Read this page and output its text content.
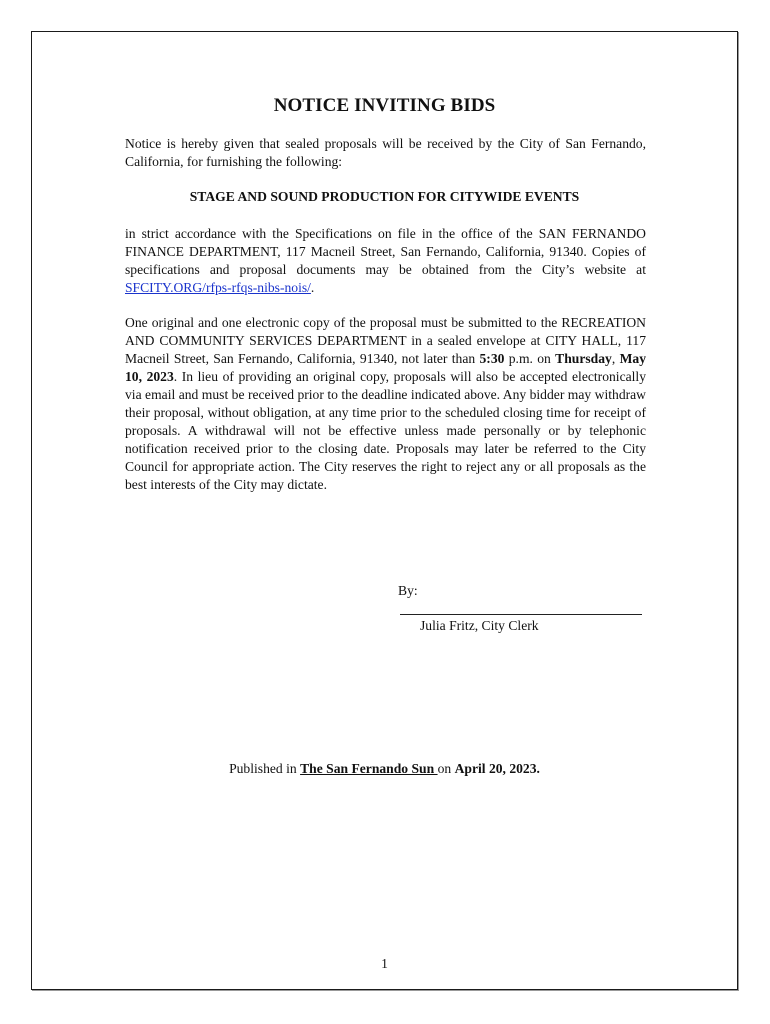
NOTICE INVITING BIDS
Notice is hereby given that sealed proposals will be received by the City of San Fernando, California, for furnishing the following:
STAGE AND SOUND PRODUCTION FOR CITYWIDE EVENTS
in strict accordance with the Specifications on file in the office of the SAN FERNANDO FINANCE DEPARTMENT, 117 Macneil Street, San Fernando, California, 91340. Copies of specifications and proposal documents may be obtained from the City’s website at SFCITY.ORG/rfps-rfqs-nibs-nois/.
One original and one electronic copy of the proposal must be submitted to the RECREATION AND COMMUNITY SERVICES DEPARTMENT in a sealed envelope at CITY HALL, 117 Macneil Street, San Fernando, California, 91340, not later than 5:30 p.m. on Thursday, May 10, 2023. In lieu of providing an original copy, proposals will also be accepted electronically via email and must be received prior to the deadline indicated above. Any bidder may withdraw their proposal, without obligation, at any time prior to the scheduled closing time for receipt of proposals. A withdrawal will not be effective unless made personally or by telephonic notification received prior to the closing date. Proposals may later be referred to the City Council for appropriate action. The City reserves the right to reject any or all proposals as the best interests of the City may dictate.
By:
Julia Fritz, City Clerk
Published in The San Fernando Sun on April 20, 2023.
1
